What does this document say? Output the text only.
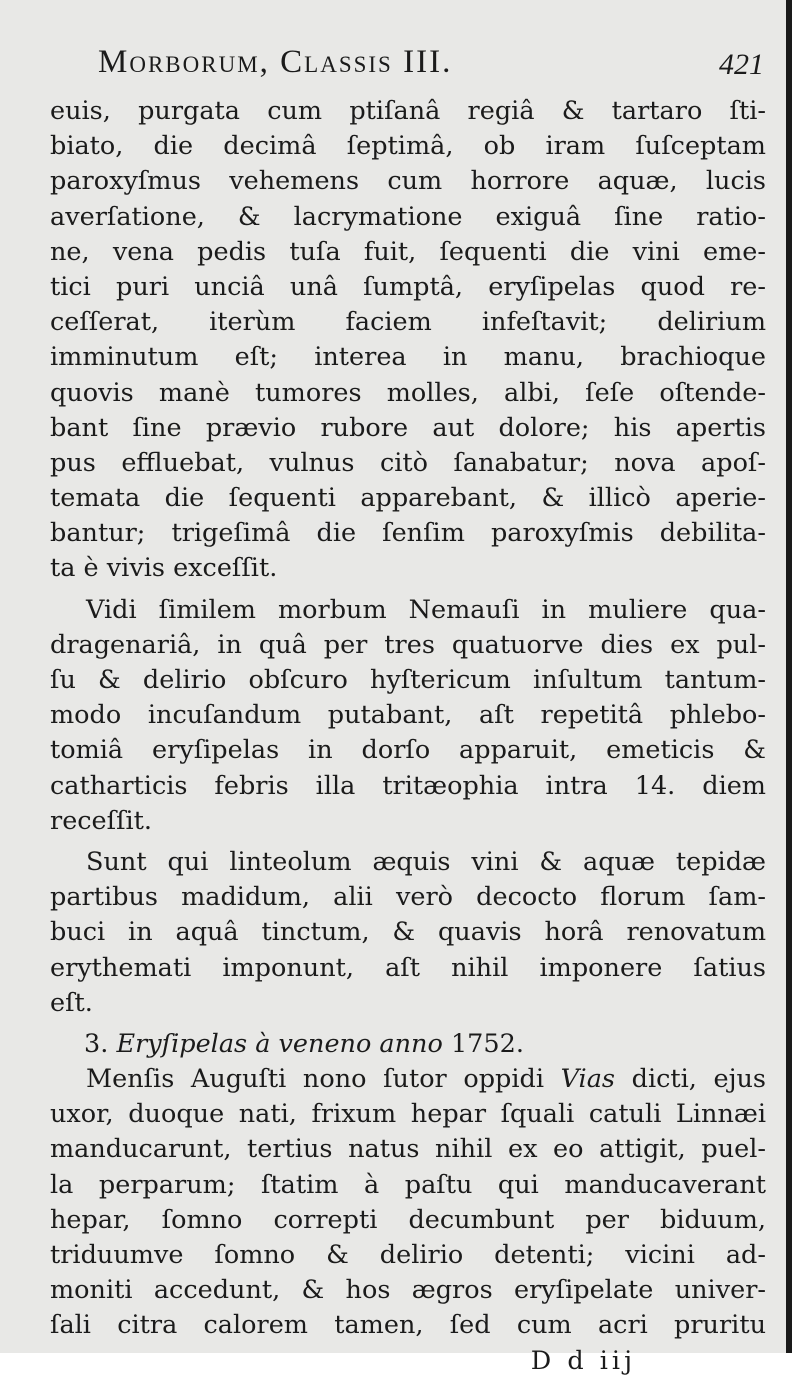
Morborum, Classis III.	421
euis, purgata cum ptiſanâ regiâ & tartaro ſti-
biato, die decimâ ſeptimâ, ob iram ſuſceptam
paroxyſmus vehemens cum horrore aquæ, lucis
averſatione, & lacrymatione exiguâ ſine ratio-
ne, vena pedis tuſa fuit, ſequenti die vini eme-
tici puri unciâ unâ ſumptâ, eryſipelas quod re-
ceſſerat, iterùm faciem infeſtavit; delirium
imminutum eſt; interea in manu, brachioque
quovis manè tumores molles, albi, ſeſe oſtende-
bant ſine prævio rubore aut dolore; his apertis
pus effluebat, vulnus citò ſanabatur; nova apoſ-
temata die ſequenti apparebant, & illicò aperie-
bantur; trigeſimâ die ſenſim paroxyſmis debilita-
ta è vivis exceſſit.
Vidi ſimilem morbum Nemauſi in muliere qua-
dragenariâ, in quâ per tres quatuorve dies ex pul-
ſu & delirio obſcuro hyſtericum inſultum tantum-
modo incuſandum putabant, aſt repetitâ phlebo-
tomiâ eryſipelas in dorſo apparuit, emeticis &
catharticis febris illa tritæophia intra 14. diem
receſſit.
Sunt qui linteolum æquis vini & aquæ tepidæ
partibus madidum, alii verò decocto florum ſam-
buci in aquâ tinctum, & quavis horâ renovatum
erythemati imponunt, aſt nihil imponere ſatius
eſt.
3. Eryſipelas à veneno anno 1752.
Menſis Auguſti nono ſutor oppidi Vias dicti, ejus
uxor, duoque nati, frixum hepar ſquali catuli Linnæi
manducarunt, tertius natus nihil ex eo attigit, puel-
la perparum; ſtatim à paſtu qui manducaverant
hepar, ſomno correpti decumbunt per biduum,
triduumve ſomno & delirio detenti; vicini ad-
moniti accedunt, & hos ægros eryſipelate univer-
ſali citra calorem tamen, ſed cum acri pruritu
D d iij
